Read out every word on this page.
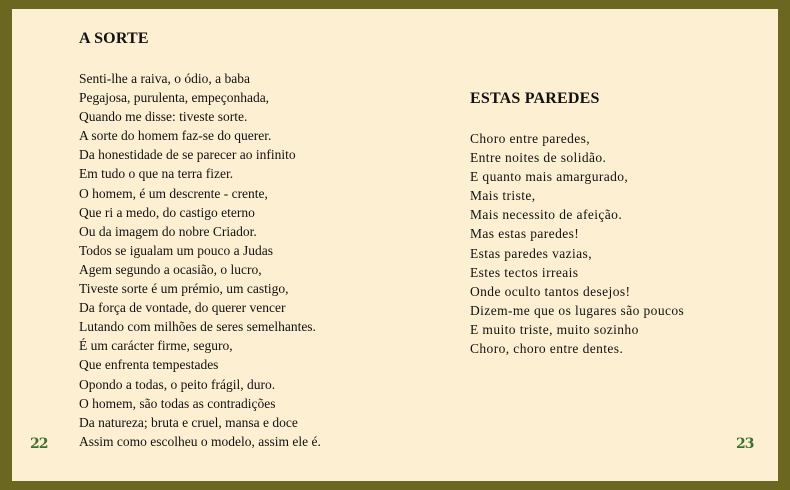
A SORTE
Senti-lhe a raiva, o ódio, a baba
Pegajosa, purulenta, empeçonhada,
Quando me disse: tiveste sorte.
A sorte do homem faz-se do querer.
Da honestidade de se parecer ao infinito
Em tudo o que na terra fizer.
O homem, é um descrente - crente,
Que ri a medo, do castigo eterno
Ou da imagem do nobre Criador.
Todos se igualam um pouco a Judas
Agem segundo a ocasião, o lucro,
Tiveste sorte é um prémio, um castigo,
Da força de vontade, do querer vencer
Lutando com milhões de seres semelhantes.
É um carácter firme, seguro,
Que enfrenta tempestades
Opondo a todas, o peito frágil, duro.
O homem, são todas as contradições
Da natureza; bruta e cruel, mansa e doce
Assim como escolheu o modelo, assim ele é.
ESTAS PAREDES
Choro entre paredes,
Entre noites de solidão.
E quanto mais amargurado,
Mais triste,
Mais necessito de afeição.
Mas estas paredes!
Estas paredes vazias,
Estes tectos irreais
Onde oculto tantos desejos!
Dizem-me que os lugares são poucos
E muito triste, muito sozinho
Choro, choro entre dentes.
22	23
